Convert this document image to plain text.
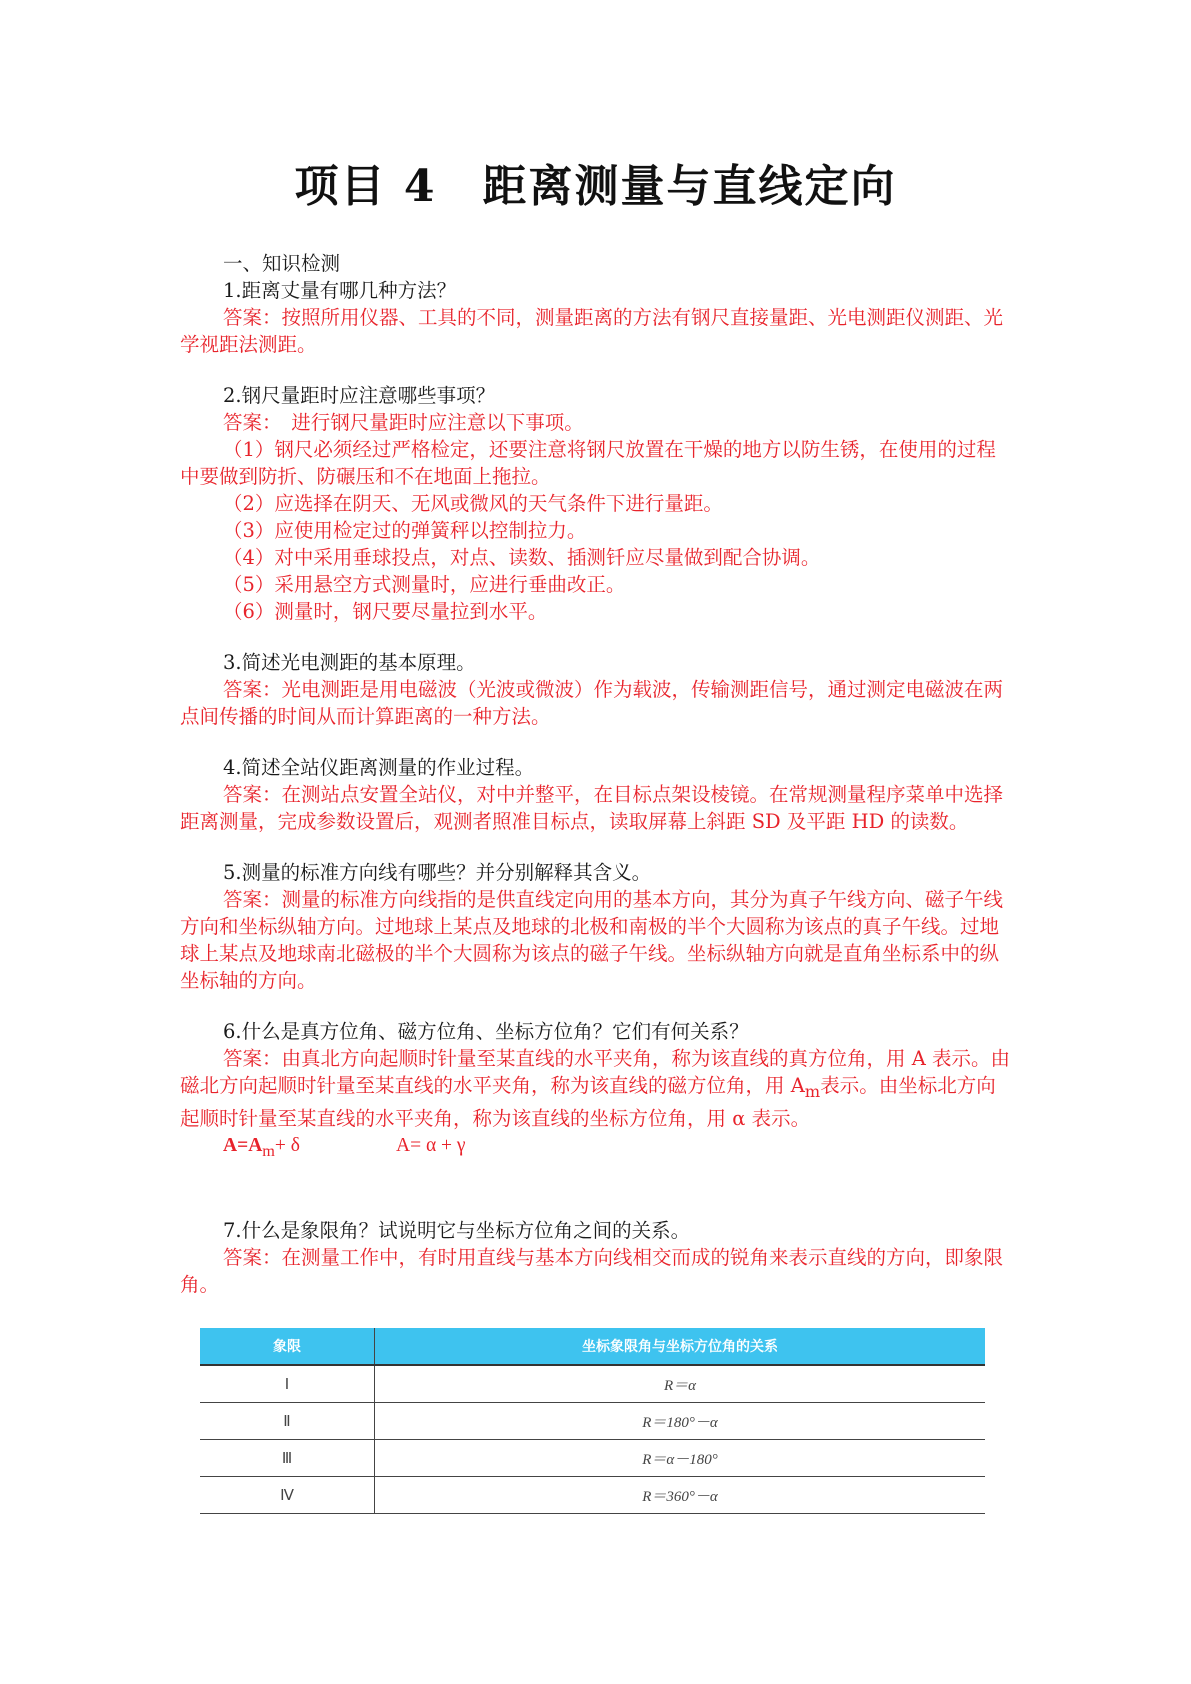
项目 4　距离测量与直线定向

一、知识检测

1.距离丈量有哪几种方法？

答案：按照所用仪器、工具的不同，测量距离的方法有钢尺直接量距、光电测距仪测距、光学视距法测距。

2.钢尺量距时应注意哪些事项？

答案：　进行钢尺量距时应注意以下事项。

（1）钢尺必须经过严格检定，还要注意将钢尺放置在干燥的地方以防生锈，在使用的过程中要做到防折、防碾压和不在地面上拖拉。

（2）应选择在阴天、无风或微风的天气条件下进行量距。

（3）应使用检定过的弹簧秤以控制拉力。

（4）对中采用垂球投点，对点、读数、插测钎应尽量做到配合协调。

（5）采用悬空方式测量时，应进行垂曲改正。

（6）测量时，钢尺要尽量拉到水平。

3.简述光电测距的基本原理。

答案：光电测距是用电磁波（光波或微波）作为载波，传输测距信号，通过测定电磁波在两点间传播的时间从而计算距离的一种方法。

4.简述全站仪距离测量的作业过程。

答案：在测站点安置全站仪，对中并整平，在目标点架设棱镜。在常规测量程序菜单中选择距离测量，完成参数设置后，观测者照准目标点，读取屏幕上斜距 SD 及平距 HD 的读数。

5.测量的标准方向线有哪些？并分别解释其含义。

答案：测量的标准方向线指的是供直线定向用的基本方向，其分为真子午线方向、磁子午线方向和坐标纵轴方向。过地球上某点及地球的北极和南极的半个大圆称为该点的真子午线。过地球上某点及地球南北磁极的半个大圆称为该点的磁子午线。坐标纵轴方向就是直角坐标系中的纵坐标轴的方向。

6.什么是真方位角、磁方位角、坐标方位角？它们有何关系？

答案：由真北方向起顺时针量至某直线的水平夹角，称为该直线的真方位角，用 A 表示。由磁北方向起顺时针量至某直线的水平夹角，称为该直线的磁方位角，用 $A_m$表示。由坐标北方向起顺时针量至某直线的水平夹角，称为该直线的坐标方位角，用 α 表示。

$A=A_m+ \delta$	A= α + γ

7.什么是象限角？试说明它与坐标方位角之间的关系。

答案：在测量工作中，有时用直线与基本方向线相交而成的锐角来表示直线的方向，即象限角。

象限	坐标象限角与坐标方位角的关系
Ⅰ	R＝α
Ⅱ	R＝180°－α
Ⅲ	R＝α－180°
Ⅳ	R＝360°－α
